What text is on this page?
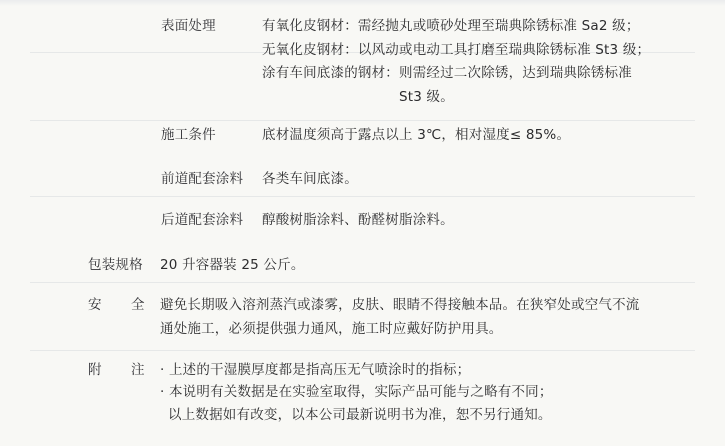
表面处理	有氧化皮钢材：需经抛丸或喷砂处理至瑞典除锈标准 Sa2 级；
无氧化皮钢材：以风动或电动工具打磨至瑞典除锈标准 St3 级；
涂有车间底漆的钢材：则需经过二次除锈，达到瑞典除锈标准
St3 级。
施工条件	底材温度须高于露点以上 3℃，相对湿度≤ 85%。
前道配套涂料 各类车间底漆。
后道配套涂料 醇酸树脂涂料、酚醛树脂涂料。
包装规格 20 升容器装 25 公斤。
安 全 避免长期吸入溶剂蒸汽或漆雾，皮肤、眼睛不得接触本品。在狭窄处或空气不流
通处施工，必须提供强力通风，施工时应戴好防护用具。
附 注 · 上述的干湿膜厚度都是指高压无气喷涂时的指标；
· 本说明有关数据是在实验室取得，实际产品可能与之略有不同；
以上数据如有改变，以本公司最新说明书为准，恕不另行通知。
